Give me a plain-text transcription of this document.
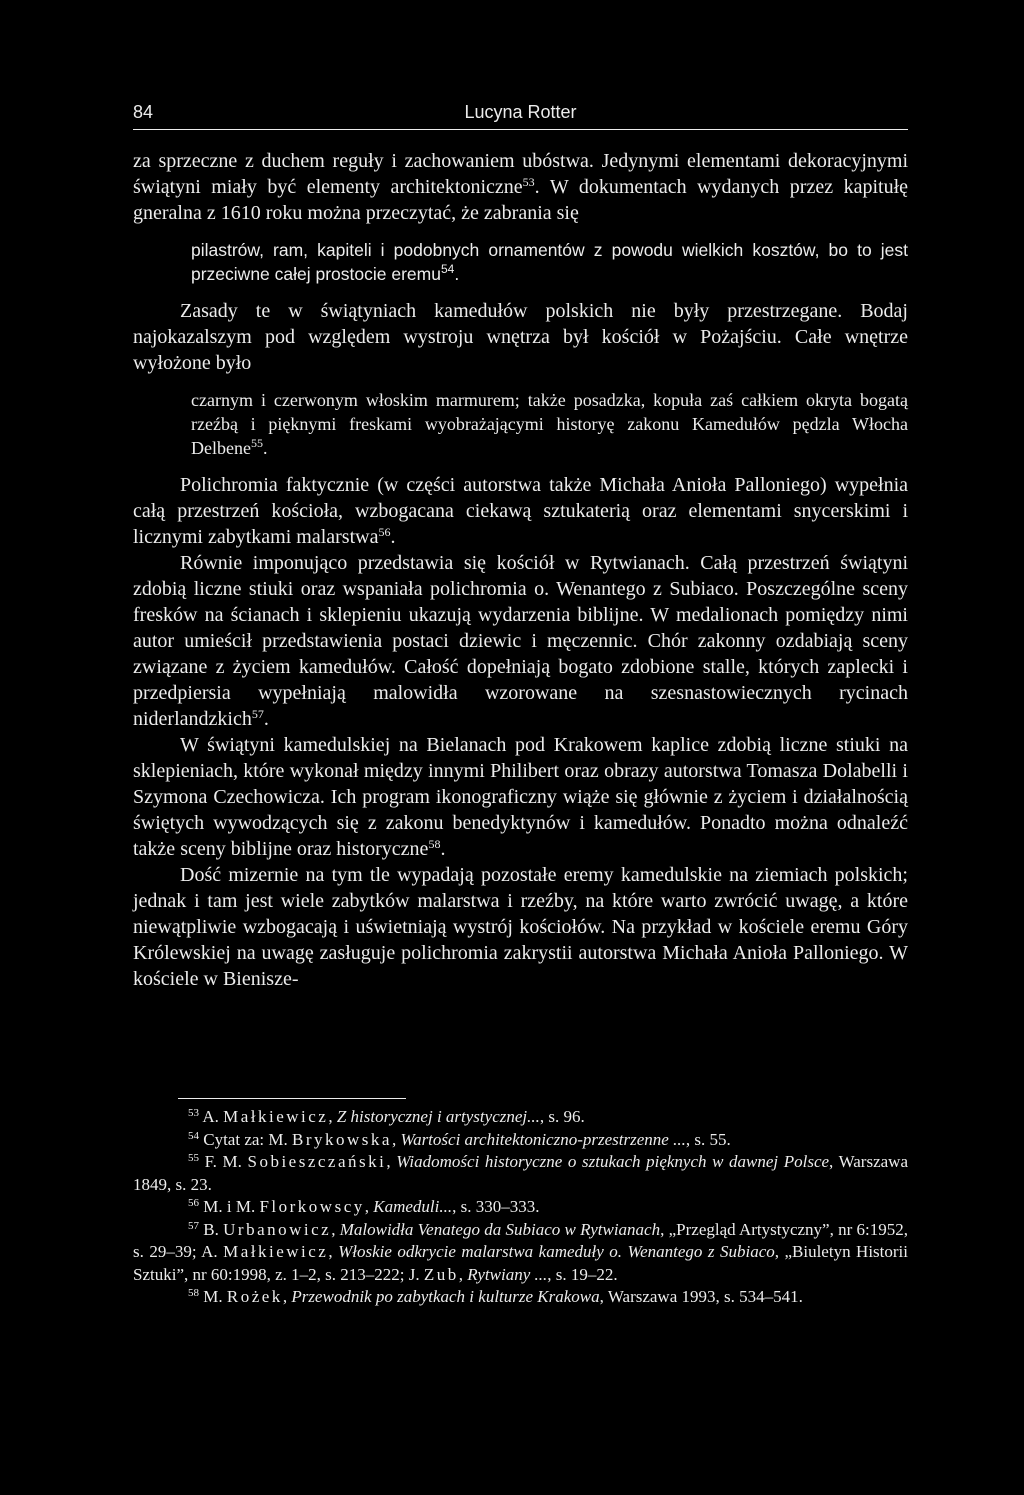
84	Lucyna Rotter

za sprzeczne z duchem reguły i zachowaniem ubóstwa. Jedynymi elementami dekoracyjnymi świątyni miały być elementy architektoniczne$^{53}$. W dokumentach wydanych przez kapitułę gneralna z 1610 roku można przeczytać, że zabrania się

pilastrów, ram, kapiteli i podobnych ornamentów z powodu wielkich kosztów, bo to jest przeciwne całej prostocie eremu$^{54}$.

Zasady te w świątyniach kamedułów polskich nie były przestrzegane. Bodaj najokazalszym pod względem wystroju wnętrza był kościół w Pożajściu. Całe wnętrze wyłożone było

czarnym i czerwonym włoskim marmurem; także posadzka, kopuła zaś całkiem okryta bogatą rzeźbą i pięknymi freskami wyobrażającymi historyę zakonu Kamedułów pędzla Włocha Delbene$^{55}$.

Polichromia faktycznie (w części autorstwa także Michała Anioła Palloniego) wypełnia całą przestrzeń kościoła, wzbogacana ciekawą sztukaterią oraz elementami snycerskimi i licznymi zabytkami malarstwa$^{56}$.

Równie imponująco przedstawia się kościół w Rytwianach. Całą przestrzeń świątyni zdobią liczne stiuki oraz wspaniała polichromia o. Wenantego z Subiaco. Poszczególne sceny fresków na ścianach i sklepieniu ukazują wydarzenia biblijne. W medalionach pomiędzy nimi autor umieścił przedstawienia postaci dziewic i męczennic. Chór zakonny ozdabiają sceny związane z życiem kamedułów. Całość dopełniają bogato zdobione stalle, których zaplecki i przedpiersia wypełniają malowidła wzorowane na szesnastowiecznych rycinach niderlandzkich$^{57}$.

W świątyni kamedulskiej na Bielanach pod Krakowem kaplice zdobią liczne stiuki na sklepieniach, które wykonał między innymi Philibert oraz obrazy autorstwa Tomasza Dolabelli i Szymona Czechowicza. Ich program ikonograficzny wiąże się głównie z życiem i działalnością świętych wywodzących się z zakonu benedyktynów i kamedułów. Ponadto można odnaleźć także sceny biblijne oraz historyczne$^{58}$.

Dość mizernie na tym tle wypadają pozostałe eremy kamedulskie na ziemiach polskich; jednak i tam jest wiele zabytków malarstwa i rzeźby, na które warto zwrócić uwagę, a które niewątpliwie wzbogacają i uświetniają wystrój kościołów. Na przykład w kościele eremu Góry Królewskiej na uwagę zasługuje polichromia zakrystii autorstwa Michała Anioła Palloniego. W kościele w Bienisze-

$^{53}$ A. Małkiewicz, Z historycznej i artystycznej..., s. 96.

$^{54}$ Cytat za: M. Brykowska, Wartości architektoniczno-przestrzenne ..., s. 55.

$^{55}$ F. M. Sobieszczański, Wiadomości historyczne o sztukach pięknych w dawnej Polsce, Warszawa 1849, s. 23.

$^{56}$ M. i M. Florkowscy, Kameduli..., s. 330–333.

$^{57}$ B. Urbanowicz, Malowidła Venatego da Subiaco w Rytwianach, „Przegląd Artystyczny”, nr 6:1952, s. 29–39; A. Małkiewicz, Włoskie odkrycie malarstwa kameduły o. Wenantego z Subiaco, „Biuletyn Historii Sztuki”, nr 60:1998, z. 1–2, s. 213–222; J. Zub, Rytwiany ..., s. 19–22.

$^{58}$ M. Rożek, Przewodnik po zabytkach i kulturze Krakowa, Warszawa 1993, s. 534–541.
